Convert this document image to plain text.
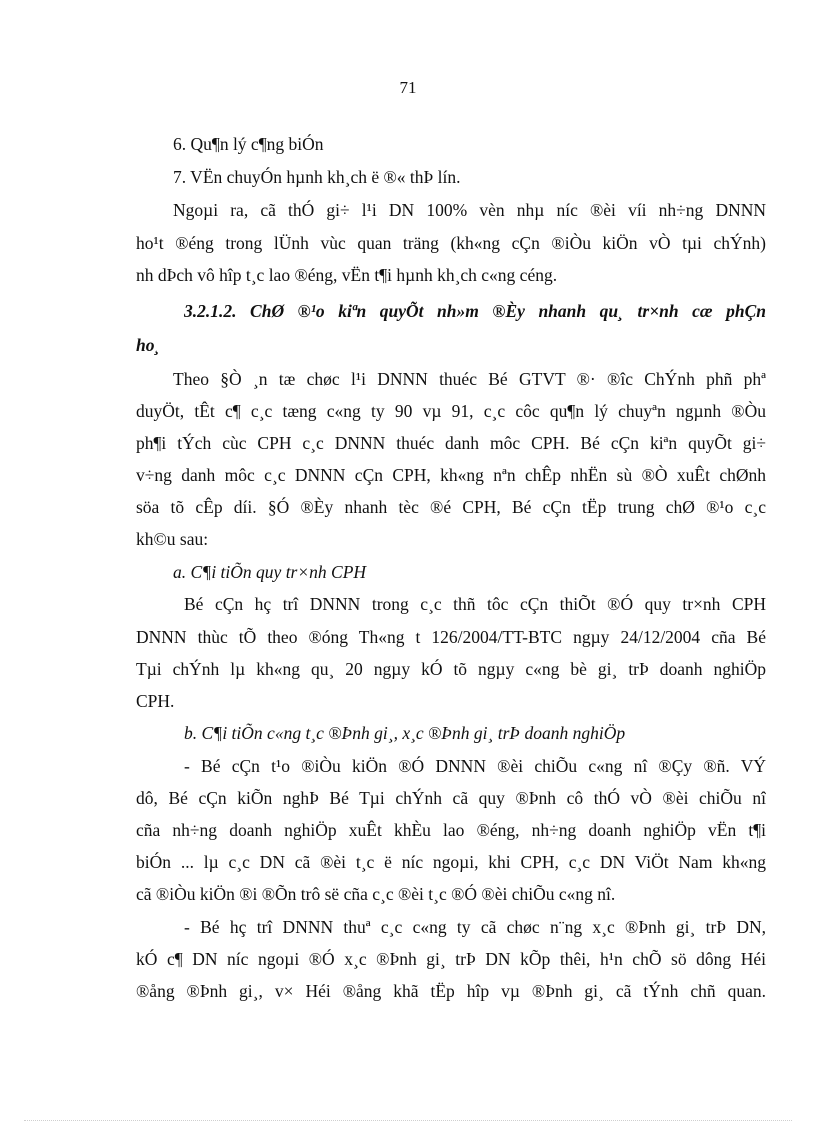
71
6. Qu¶n lý c¶ng biÓn
7. VËn chuyÓn hµnh kh¸ch ë ®« thÞ lín.
Ngoµi ra, cã thÓ gi÷ l¹i DN 100% vèn nhµ níc ®èi víi nh÷ng DNNN
ho¹t ®éng trong lÜnh vùc quan träng (kh«ng cÇn ®iÒu kiÖn vÒ tµi chÝnh)
nh dÞch vô hîp t¸c lao ®éng, vËn t¶i hµnh kh¸ch c«ng céng.
3.2.1.2. ChØ ®¹o kiªn quyÕt nh»m ®Èy nhanh qu¸ tr×nh cæ phÇn
ho¸
Theo §Ò ¸n tæ chøc l¹i DNNN thuéc Bé GTVT ®· ®îc ChÝnh phñ phª
duyÖt, tÊt c¶ c¸c tæng c«ng ty 90 vµ 91, c¸c côc qu¶n lý chuyªn ngµnh ®Òu
ph¶i tÝch cùc CPH c¸c DNNN thuéc danh môc CPH. Bé cÇn kiªn quyÕt gi÷
v÷ng danh môc c¸c DNNN cÇn CPH, kh«ng nªn chÊp nhËn sù ®Ò xuÊt chØnh
söa tõ cÊp díi. §Ó ®Èy nhanh tèc ®é CPH, Bé cÇn tËp trung chØ ®¹o c¸c
kh©u sau:
a. C¶i tiÕn quy tr×nh CPH
Bé cÇn hç trî DNNN trong c¸c thñ tôc cÇn thiÕt ®Ó quy tr×nh CPH
DNNN thùc tÕ theo ®óng Th«ng t 126/2004/TT-BTC ngµy 24/12/2004 cña Bé
Tµi chÝnh lµ kh«ng qu¸ 20 ngµy kÓ tõ ngµy c«ng bè gi¸ trÞ doanh nghiÖp
CPH.
b. C¶i tiÕn c«ng t¸c ®Þnh gi¸, x¸c ®Þnh gi¸ trÞ doanh nghiÖp
- Bé cÇn t¹o ®iÒu kiÖn ®Ó DNNN ®èi chiÕu c«ng nî ®Çy ®ñ. VÝ
dô, Bé cÇn kiÕn nghÞ Bé Tµi chÝnh cã quy ®Þnh cô thÓ vÒ ®èi chiÕu nî
cña nh÷ng doanh nghiÖp xuÊt khÈu lao ®éng, nh÷ng doanh nghiÖp vËn t¶i
biÓn ... lµ c¸c DN cã ®èi t¸c ë níc ngoµi, khi CPH, c¸c DN ViÖt Nam kh«ng
cã ®iÒu kiÖn ®i ®Õn trô së cña c¸c ®èi t¸c ®Ó ®èi chiÕu c«ng nî.
- Bé hç trî DNNN thuª c¸c c«ng ty cã chøc n¨ng x¸c ®Þnh gi¸ trÞ DN,
kÓ c¶ DN níc ngoµi ®Ó x¸c ®Þnh gi¸ trÞ DN kÕp thêi, h¹n chÕ sö dông Héi
®ång ®Þnh gi¸, v× Héi ®ång khã tËp hîp vµ ®Þnh gi¸ cã tÝnh chñ quan.
